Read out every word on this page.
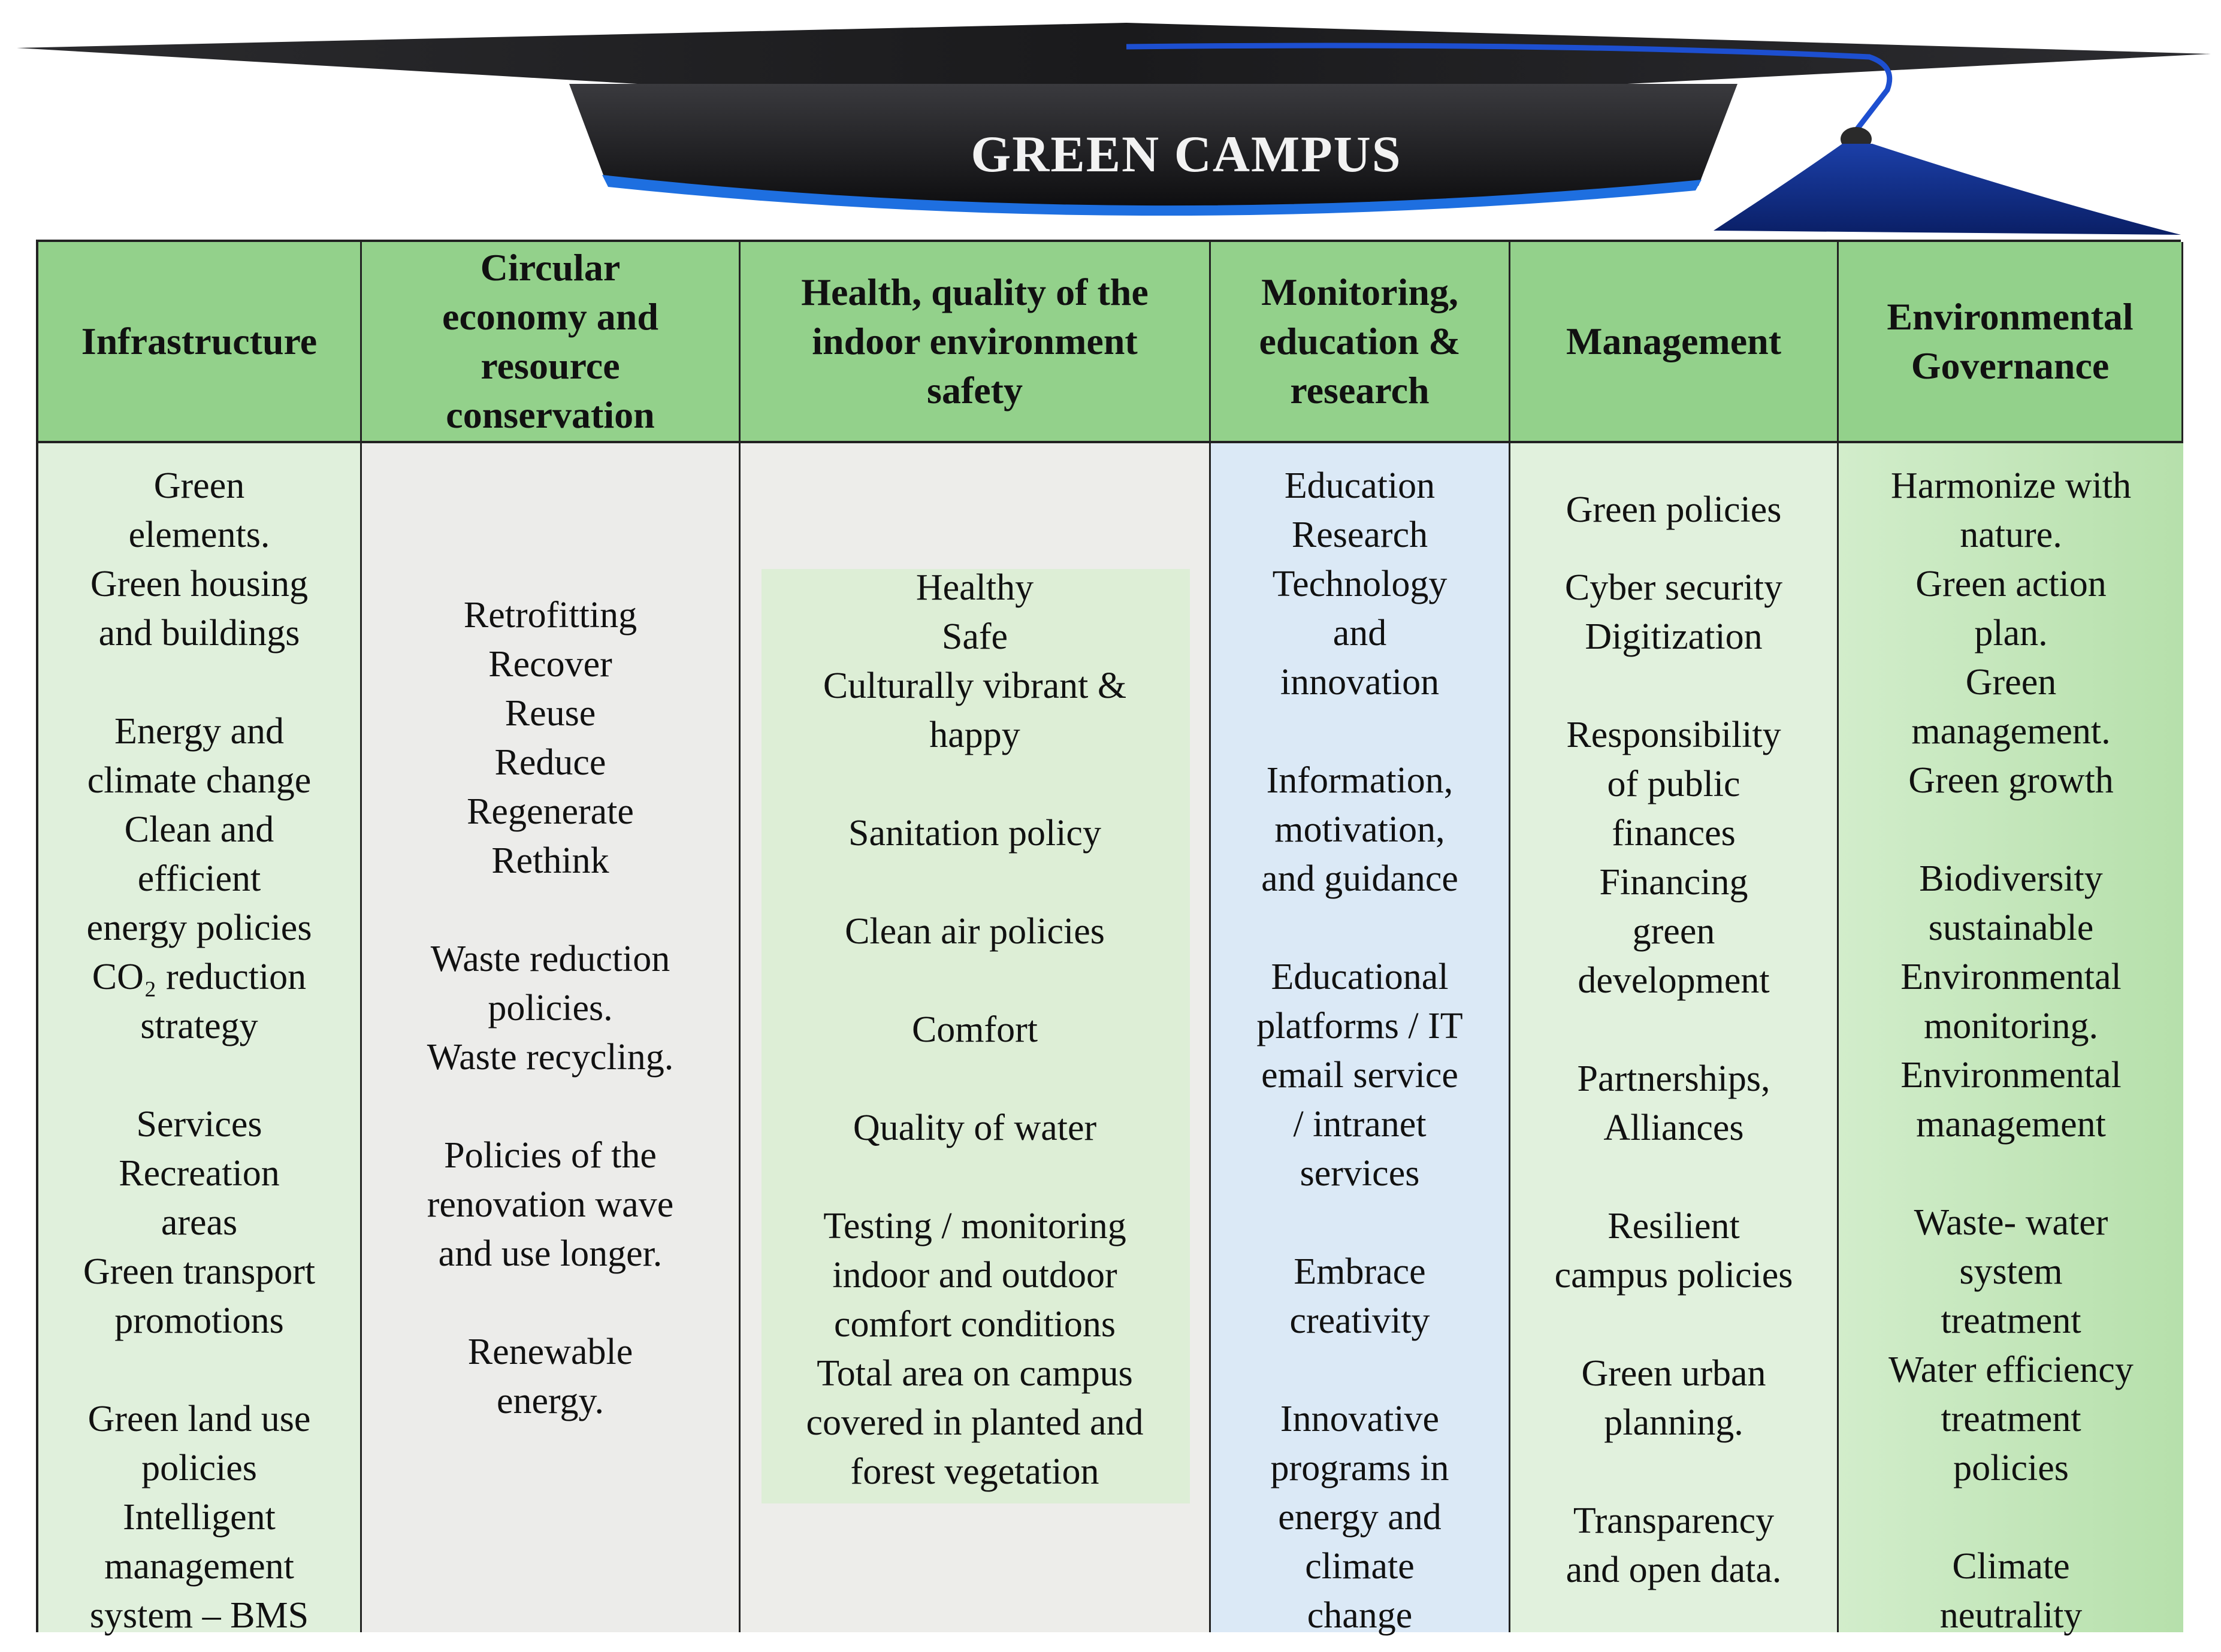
GREEN CAMPUS
Infrastructure
Circular
economy and
resource
conservation
Health, quality of the
indoor environment
safety
Monitoring,
education &
research
Management
Environmental
Governance

Green
elements.
Green housing
and buildings

Energy and
climate change
Clean and
efficient
energy policies
CO₂ reduction
strategy

Services
Recreation
areas
Green transport
promotions

Green land use
policies
Intelligent
management
system – BMS

Retrofitting
Recover
Reuse
Reduce
Regenerate
Rethink

Waste reduction
policies.
Waste recycling.

Policies of the
renovation wave
and use longer.

Renewable
energy.

Healthy
Safe
Culturally vibrant &
happy

Sanitation policy

Clean air policies

Comfort

Quality of water

Testing / monitoring
indoor and outdoor
comfort conditions
Total area on campus
covered in planted and
forest vegetation

Education
Research
Technology
and
innovation

Information,
motivation,
and guidance

Educational
platforms / IT
email service
/ intranet
services

Embrace
creativity

Innovative
programs in
energy and
climate
change

Green policies

Cyber security
Digitization

Responsibility
of public
finances
Financing
green
development

Partnerships,
Alliances

Resilient
campus policies

Green urban
planning.

Transparency
and open data.

Harmonize with
nature.
Green action
plan.
Green
management.
Green growth

Biodiversity
sustainable
Environmental
monitoring.
Environmental
management

Waste- water
system
treatment
Water efficiency
treatment
policies

Climate
neutrality
